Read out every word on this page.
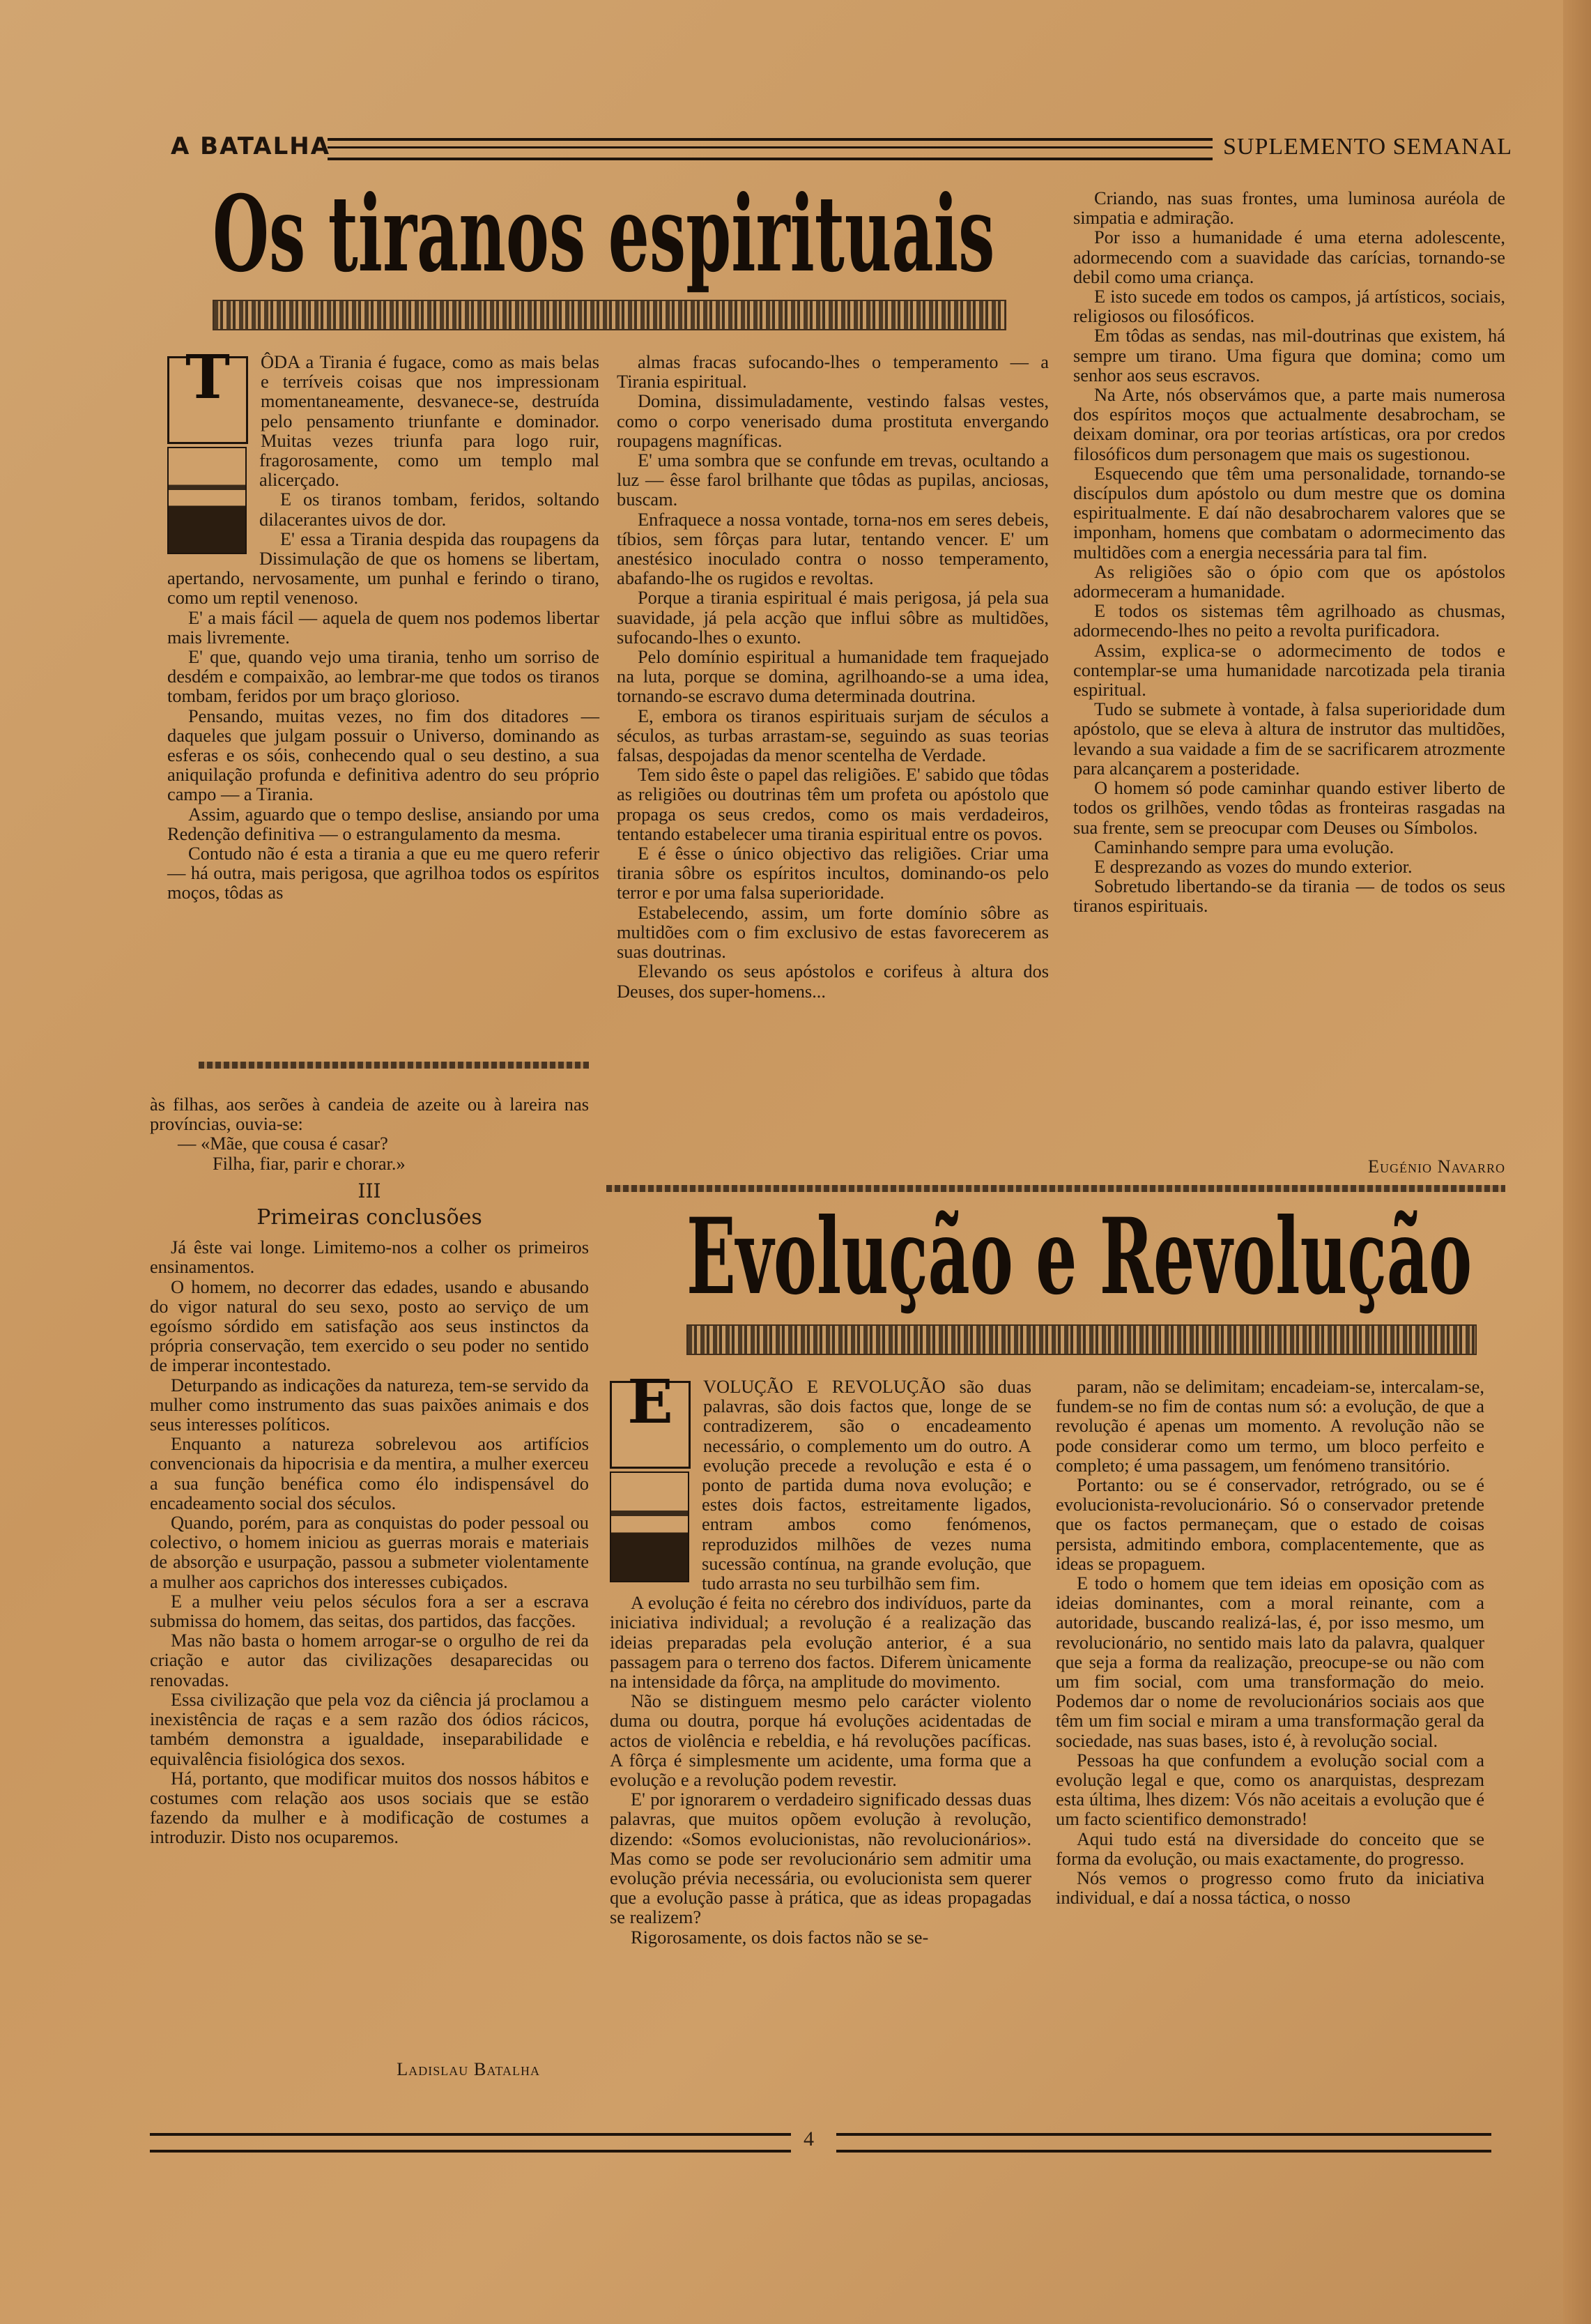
A BATALHA	SUPLEMENTO SEMANAL
Os tiranos espirituais
T	ÔDA a Tirania é fugace, como as mais belas e terríveis coisas que nos impressionam momentaneamente, desvanece-se, destruída pelo pensamento triunfante e dominador. Muitas vezes triunfa para logo ruir, fragorosamente, como um templo mal alicerçado.

E os tiranos tombam, feridos, soltando dilacerantes uivos de dor.

E' essa a Tirania despida das roupagens da Dissimulação de que os homens se libertam, apertando, nervosamente, um punhal e ferindo o tirano, como um reptil venenoso.

E' a mais fácil — aquela de quem nos podemos libertar mais livremente.

E' que, quando vejo uma tirania, tenho um sorriso de desdém e compaixão, ao lembrar-me que todos os tiranos tombam, feridos por um braço glorioso.

Pensando, muitas vezes, no fim dos ditadores — daqueles que julgam possuir o Universo, dominando as esferas e os sóis, conhecendo qual o seu destino, a sua aniquilação profunda e definitiva adentro do seu próprio campo — a Tirania.

Assim, aguardo que o tempo deslise, ansiando por uma Redenção definitiva — o estrangulamento da mesma.

Contudo não é esta a tirania a que eu me quero referir — há outra, mais perigosa, que agrilhoa todos os espíritos moços, tôdas as

almas fracas sufocando-lhes o temperamento — a Tirania espiritual.

Domina, dissimuladamente, vestindo falsas vestes, como o corpo venerisado duma prostituta envergando roupagens magníficas.

E' uma sombra que se confunde em trevas, ocultando a luz — êsse farol brilhante que tôdas as pupilas, anciosas, buscam.

Enfraquece a nossa vontade, torna-nos em seres debeis, tíbios, sem fôrças para lutar, tentando vencer. E' um anestésico inoculado contra o nosso temperamento, abafando-lhe os rugidos e revoltas.

Porque a tirania espiritual é mais perigosa, já pela sua suavidade, já pela acção que influi sôbre as multidões, sufocando-lhes o exunto.

Pelo domínio espiritual a humanidade tem fraquejado na luta, porque se domina, agrilhoando-se a uma idea, tornando-se escravo duma determinada doutrina.

E, embora os tiranos espirituais surjam de séculos a séculos, as turbas arrastam-se, seguindo as suas teorias falsas, despojadas da menor scentelha de Verdade.

Tem sido êste o papel das religiões. E' sabido que tôdas as religiões ou doutrinas têm um profeta ou apóstolo que propaga os seus credos, como os mais verdadeiros, tentando estabelecer uma tirania espiritual entre os povos.

E é êsse o único objectivo das religiões. Criar uma tirania sôbre os espíritos incultos, dominando-os pelo terror e por uma falsa superioridade.

Estabelecendo, assim, um forte domínio sôbre as multidões com o fim exclusivo de estas favorecerem as suas doutrinas.

Elevando os seus apóstolos e corifeus à altura dos Deuses, dos super-homens...

Criando, nas suas frontes, uma luminosa auréola de simpatia e admiração.

Por isso a humanidade é uma eterna adolescente, adormecendo com a suavidade das carícias, tornando-se debil como uma criança.

E isto sucede em todos os campos, já artísticos, sociais, religiosos ou filosóficos.

Em tôdas as sendas, nas mil-doutrinas que existem, há sempre um tirano. Uma figura que domina; como um senhor aos seus escravos.

Na Arte, nós observámos que, a parte mais numerosa dos espíritos moços que actualmente desabrocham, se deixam dominar, ora por teorias artísticas, ora por credos filosóficos dum personagem que mais os sugestionou.

Esquecendo que têm uma personalidade, tornando-se discípulos dum apóstolo ou dum mestre que os domina espiritualmente. E daí não desabrocharem valores que se imponham, homens que combatam o adormecimento das multidões com a energia necessária para tal fim.

As religiões são o ópio com que os apóstolos adormeceram a humanidade.

E todos os sistemas têm agrilhoado as chusmas, adormecendo-lhes no peito a revolta purificadora.

Assim, explica-se o adormecimento de todos e contemplar-se uma humanidade narcotizada pela tirania espiritual.

Tudo se submete à vontade, à falsa superioridade dum apóstolo, que se eleva à altura de instrutor das multidões, levando a sua vaidade a fim de se sacrificarem atrozmente para alcançarem a posteridade.

O homem só pode caminhar quando estiver liberto de todos os grilhões, vendo tôdas as fronteiras rasgadas na sua frente, sem se preocupar com Deuses ou Símbolos.

Caminhando sempre para uma evolução.

E desprezando as vozes do mundo exterior.

Sobretudo libertando-se da tirania — de todos os seus tiranos espirituais.

Eugénio Navarro

às filhas, aos serões à candeia de azeite ou à lareira nas províncias, ouvia-se:

— «Mãe, que cousa é casar?

Filha, fiar, parir e chorar.»

III
Primeiras conclusões

Já êste vai longe. Limitemo-nos a colher os primeiros ensinamentos.

O homem, no decorrer das edades, usando e abusando do vigor natural do seu sexo, posto ao serviço de um egoísmo sórdido em satisfação aos seus instinctos da própria conservação, tem exercido o seu poder no sentido de imperar incontestado.

Deturpando as indicações da natureza, tem-se servido da mulher como instrumento das suas paixões animais e dos seus interesses políticos.

Enquanto a natureza sobrelevou aos artifícios convencionais da hipocrisia e da mentira, a mulher exerceu a sua função benéfica como élo indispensável do encadeamento social dos séculos.

Quando, porém, para as conquistas do poder pessoal ou colectivo, o homem iniciou as guerras morais e materiais de absorção e usurpação, passou a submeter violentamente a mulher aos caprichos dos interesses cubiçados.

E a mulher veiu pelos séculos fora a ser a escrava submissa do homem, das seitas, dos partidos, das facções.

Mas não basta o homem arrogar-se o orgulho de rei da criação e autor das civilizações desaparecidas ou renovadas.

Essa civilização que pela voz da ciência já proclamou a inexistência de raças e a sem razão dos ódios rácicos, também demonstra a igualdade, inseparabilidade e equivalência fisiológica dos sexos.

Há, portanto, que modificar muitos dos nossos hábitos e costumes com relação aos usos sociais que se estão fazendo da mulher e à modificação de costumes a introduzir. Disto nos ocuparemos.

Ladislau Batalha

Evolução e Revolução
E	VOLUÇÃO E REVOLUÇÃO são duas palavras, são dois factos que, longe de se contradizerem, são o encadeamento necessário, o complemento um do outro. A evolução precede a revolução e esta é o ponto de partida duma nova evolução; e estes dois factos, estreitamente ligados, entram ambos como fenómenos, reproduzidos milhões de vezes numa sucessão contínua, na grande evolução, que tudo arrasta no seu turbilhão sem fim.

A evolução é feita no cérebro dos indivíduos, parte da iniciativa individual; a revolução é a realização das ideias preparadas pela evolução anterior, é a sua passagem para o terreno dos factos. Diferem ùnicamente na intensidade da fôrça, na amplitude do movimento.

Não se distinguem mesmo pelo carácter violento duma ou doutra, porque há evoluções acidentadas de actos de violência e rebeldia, e há revoluções pacíficas. A fôrça é simplesmente um acidente, uma forma que a evolução e a revolução podem revestir.

E' por ignorarem o verdadeiro significado dessas duas palavras, que muitos opõem evolução à revolução, dizendo: «Somos evolucionistas, não revolucionários». Mas como se pode ser revolucionário sem admitir uma evolução prévia necessária, ou evolucionista sem querer que a evolução passe à prática, que as ideas propagadas se realizem?

Rigorosamente, os dois factos não se se-

param, não se delimitam; encadeiam-se, intercalam-se, fundem-se no fim de contas num só: a evolução, de que a revolução é apenas um momento. A revolução não se pode considerar como um termo, um bloco perfeito e completo; é uma passagem, um fenómeno transitório.

Portanto: ou se é conservador, retrógrado, ou se é evolucionista-revolucionário. Só o conservador pretende que os factos permaneçam, que o estado de coisas persista, admitindo embora, complacentemente, que as ideas se propaguem.

E todo o homem que tem ideias em oposição com as ideias dominantes, com a moral reinante, com a autoridade, buscando realizá-las, é, por isso mesmo, um revolucionário, no sentido mais lato da palavra, qualquer que seja a forma da realização, preocupe-se ou não com um fim social, com uma transformação do meio. Podemos dar o nome de revolucionários sociais aos que têm um fim social e miram a uma transformação geral da sociedade, nas suas bases, isto é, à revolução social.

Pessoas ha que confundem a evolução social com a evolução legal e que, como os anarquistas, desprezam esta última, lhes dizem: Vós não aceitais a evolução que é um facto scientifico demonstrado!

Aqui tudo está na diversidade do conceito que se forma da evolução, ou mais exactamente, do progresso.

Nós vemos o progresso como fruto da iniciativa individual, e daí a nossa táctica, o nosso

4
